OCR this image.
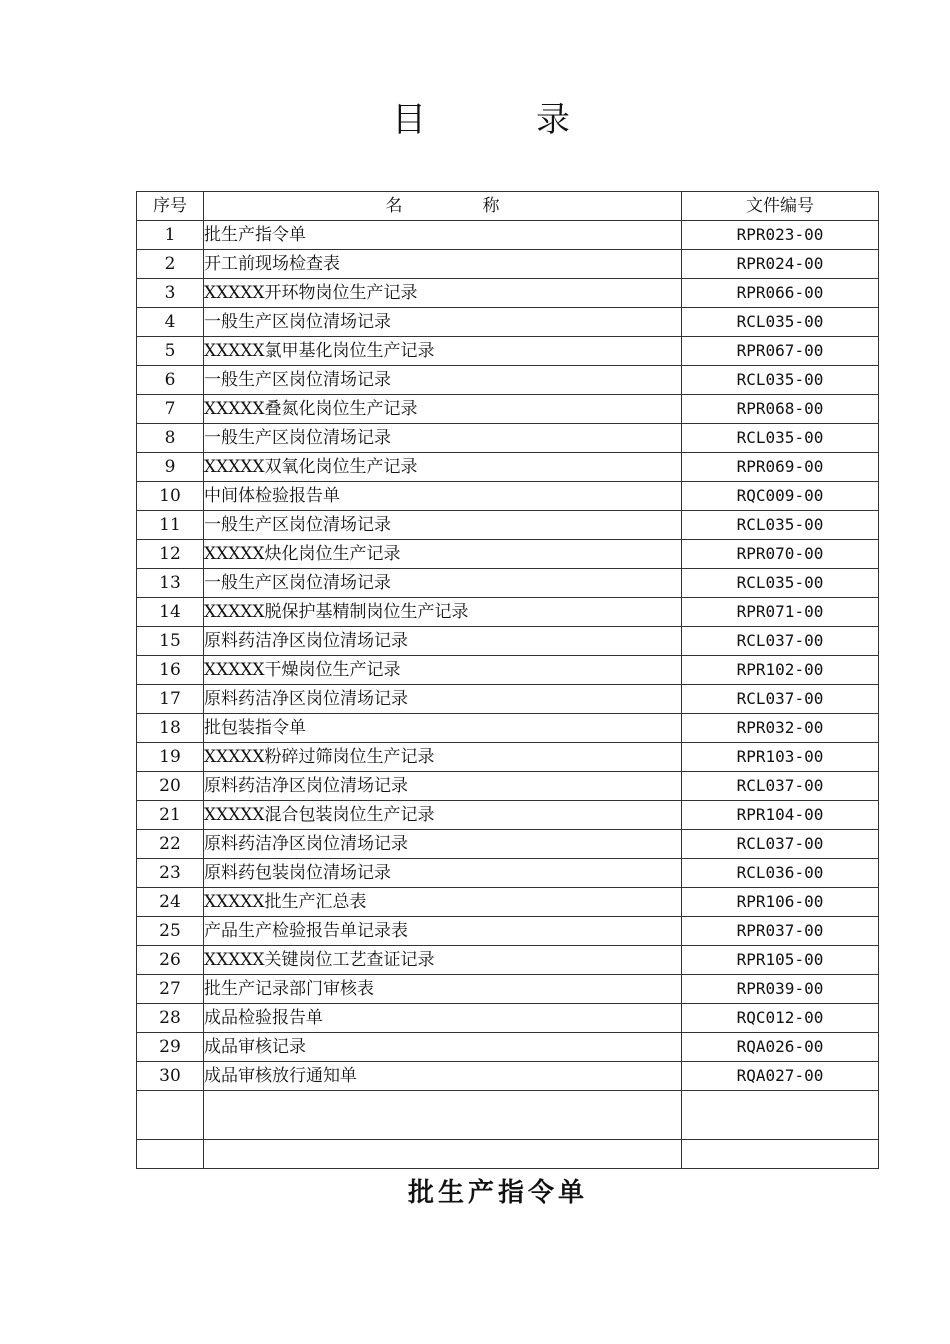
目　录
序号	名称	文件编号
1	批生产指令单	RPR023-00
2	开工前现场检查表	RPR024-00
3	XXXXX开环物岗位生产记录	RPR066-00
4	一般生产区岗位清场记录	RCL035-00
5	XXXXX氯甲基化岗位生产记录	RPR067-00
6	一般生产区岗位清场记录	RCL035-00
7	XXXXX叠氮化岗位生产记录	RPR068-00
8	一般生产区岗位清场记录	RCL035-00
9	XXXXX双氧化岗位生产记录	RPR069-00
10	中间体检验报告单	RQC009-00
11	一般生产区岗位清场记录	RCL035-00
12	XXXXX炔化岗位生产记录	RPR070-00
13	一般生产区岗位清场记录	RCL035-00
14	XXXXX脱保护基精制岗位生产记录	RPR071-00
15	原料药洁净区岗位清场记录	RCL037-00
16	XXXXX干燥岗位生产记录	RPR102-00
17	原料药洁净区岗位清场记录	RCL037-00
18	批包装指令单	RPR032-00
19	XXXXX粉碎过筛岗位生产记录	RPR103-00
20	原料药洁净区岗位清场记录	RCL037-00
21	XXXXX混合包装岗位生产记录	RPR104-00
22	原料药洁净区岗位清场记录	RCL037-00
23	原料药包装岗位清场记录	RCL036-00
24	XXXXX批生产汇总表	RPR106-00
25	产品生产检验报告单记录表	RPR037-00
26	XXXXX关键岗位工艺查证记录	RPR105-00
27	批生产记录部门审核表	RPR039-00
28	成品检验报告单	RQC012-00
29	成品审核记录	RQA026-00
30	成品审核放行通知单	RQA027-00

批生产指令单
